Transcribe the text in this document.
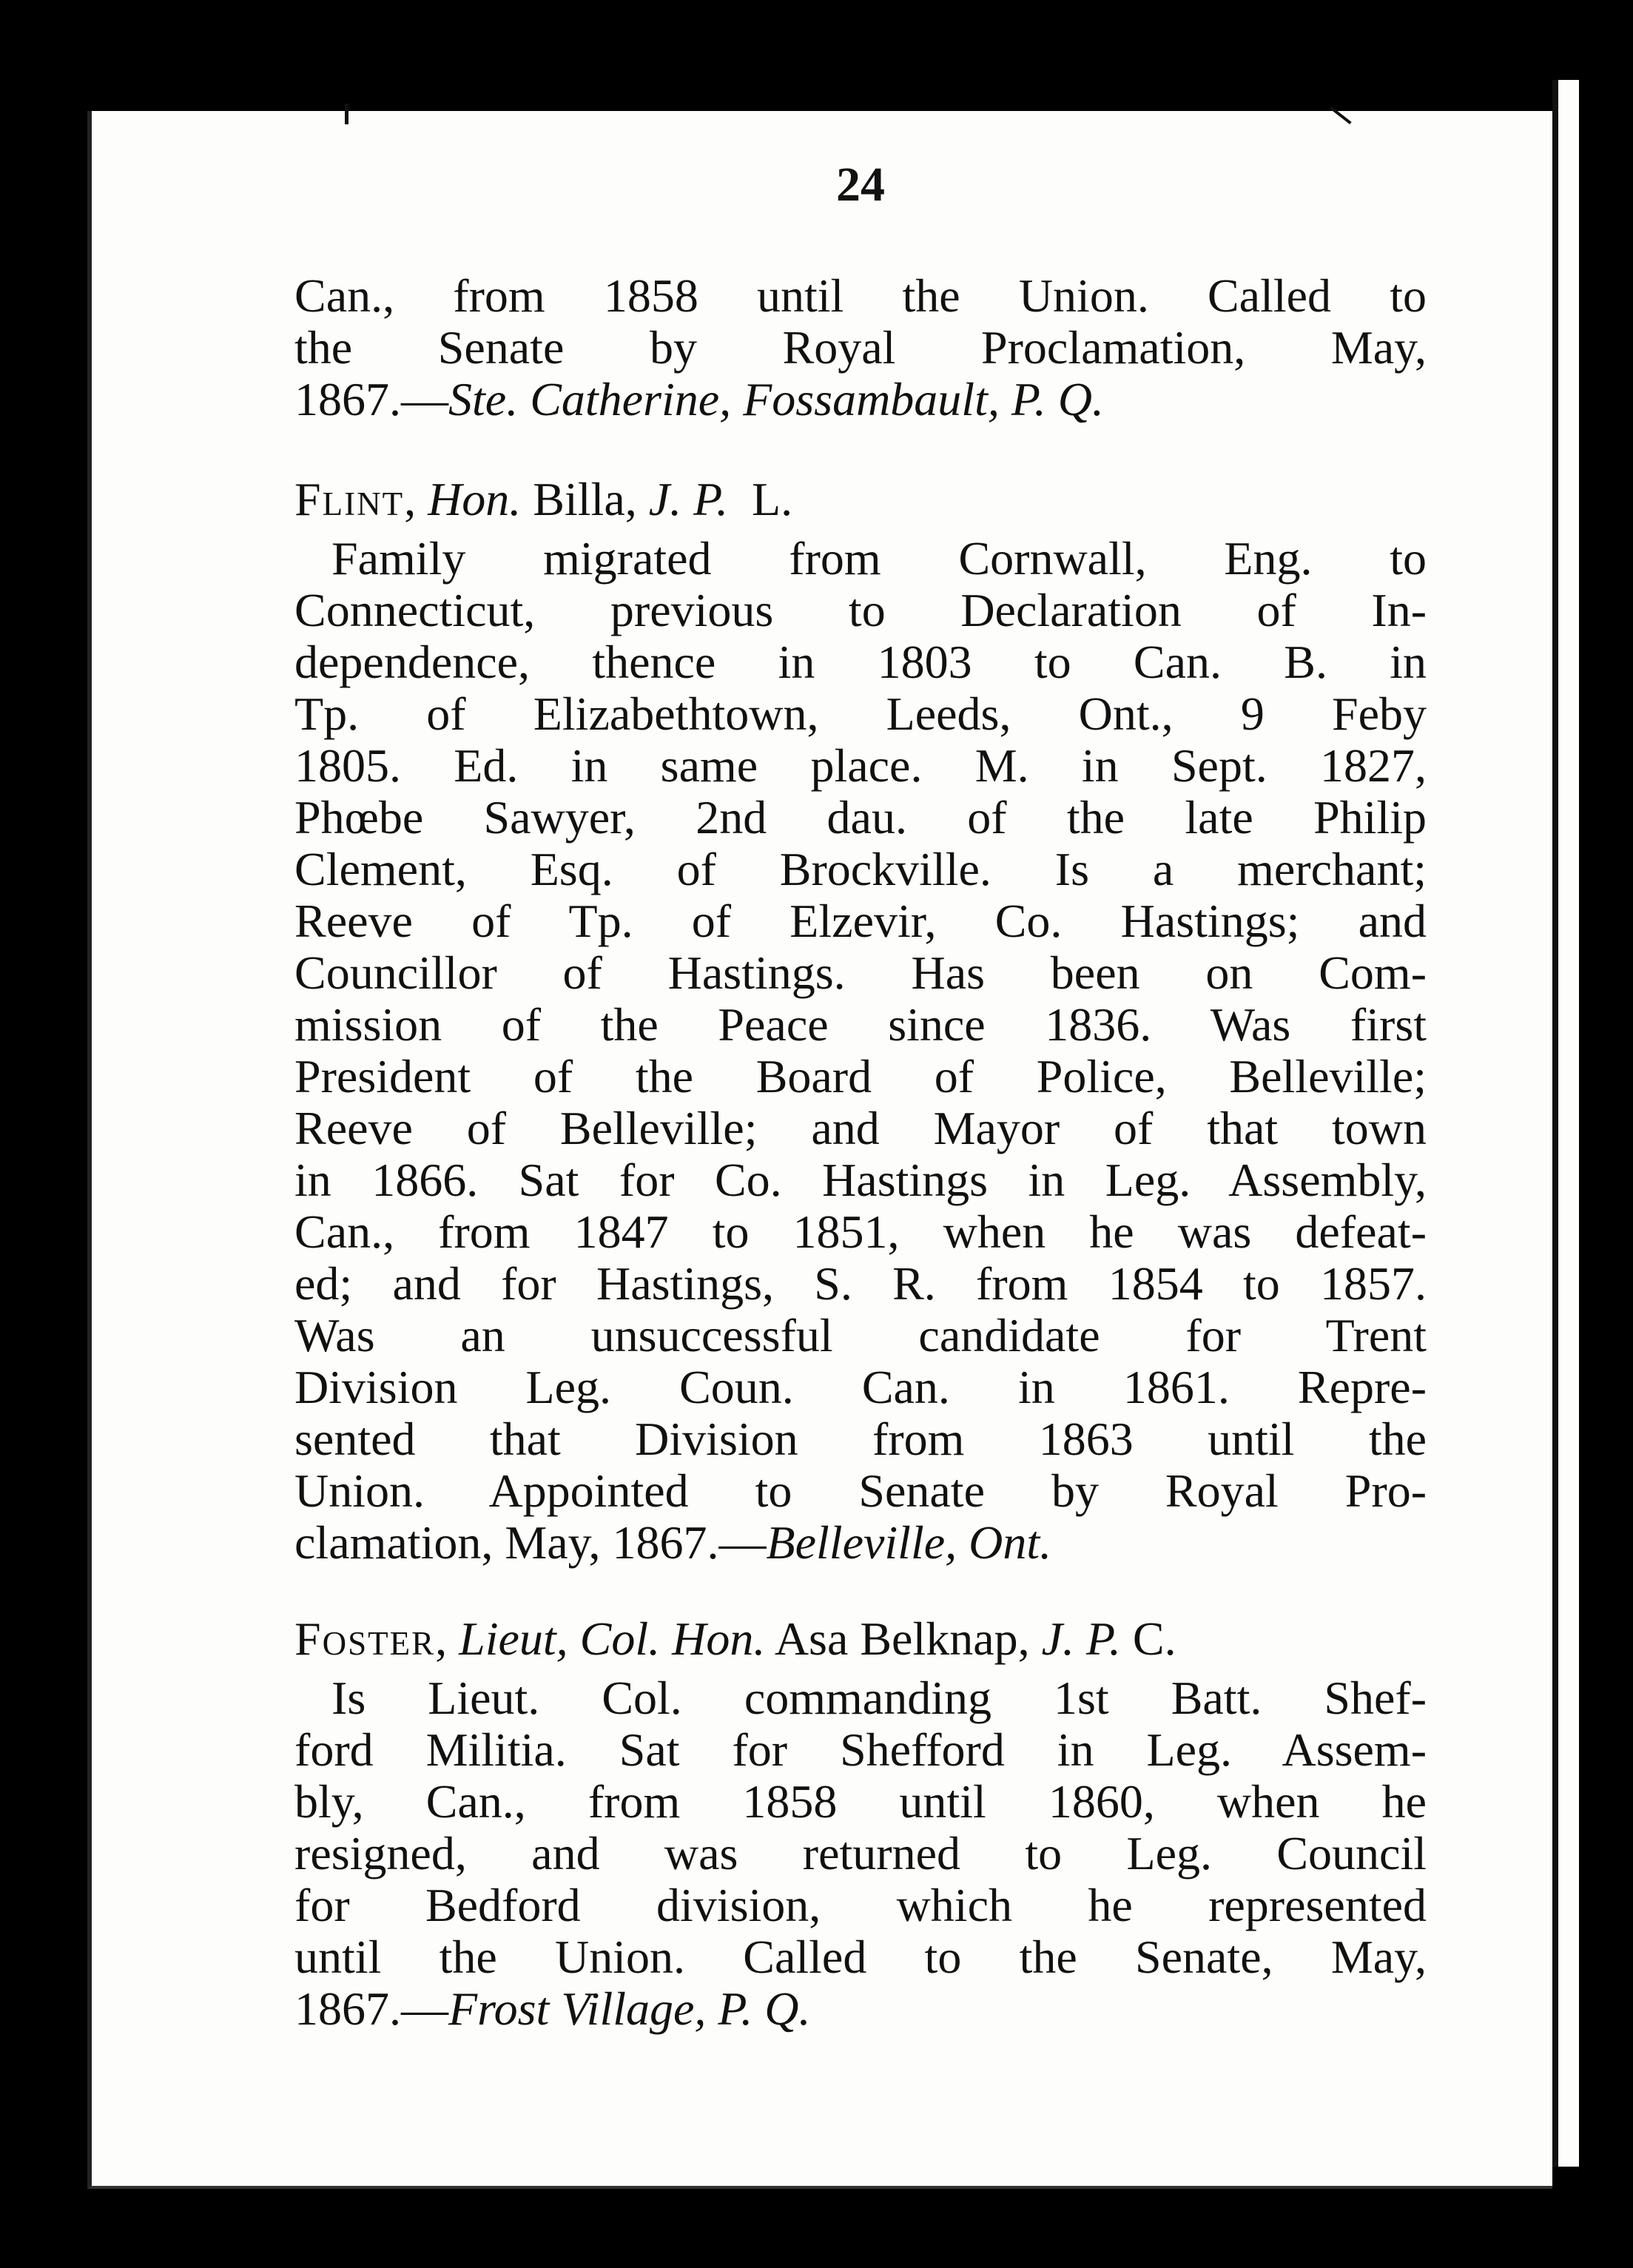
24
Can., from 1858 until the Union. Called to
the Senate by Royal Proclamation, May,
1867.—Ste. Catherine, Fossambault, P. Q.
Flint, Hon. Billa, J. P. L.
Family migrated from Cornwall, Eng. to
Connecticut, previous to Declaration of In-
dependence, thence in 1803 to Can. B. in
Tp. of Elizabethtown, Leeds, Ont., 9 Feby
1805. Ed. in same place. M. in Sept. 1827,
Phœbe Sawyer, 2nd dau. of the late Philip
Clement, Esq. of Brockville. Is a merchant;
Reeve of Tp. of Elzevir, Co. Hastings; and
Councillor of Hastings. Has been on Com-
mission of the Peace since 1836. Was first
President of the Board of Police, Belleville;
Reeve of Belleville; and Mayor of that town
in 1866. Sat for Co. Hastings in Leg. Assembly,
Can., from 1847 to 1851, when he was defeat-
ed; and for Hastings, S. R. from 1854 to 1857.
Was an unsuccessful candidate for Trent
Division Leg. Coun. Can. in 1861. Repre-
sented that Division from 1863 until the
Union. Appointed to Senate by Royal Pro-
clamation, May, 1867.—Belleville, Ont.
Foster, Lieut, Col. Hon. Asa Belknap, J. P. C.
Is Lieut. Col. commanding 1st Batt. Shef-
ford Militia. Sat for Shefford in Leg. Assem-
bly, Can., from 1858 until 1860, when he
resigned, and was returned to Leg. Council
for Bedford division, which he represented
until the Union. Called to the Senate, May,
1867.—Frost Village, P. Q.
